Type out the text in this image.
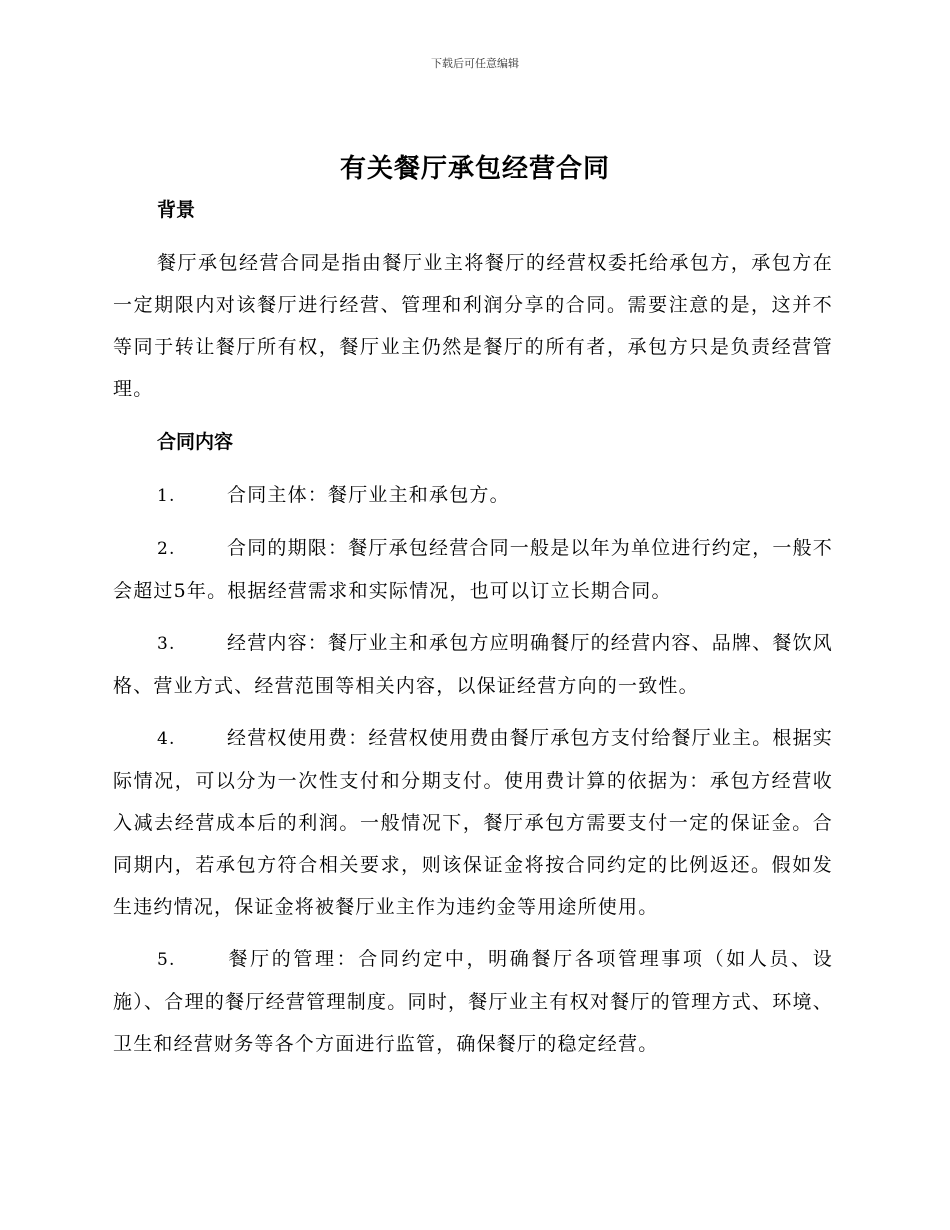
下载后可任意编辑
有关餐厅承包经营合同
背景

餐厅承包经营合同是指由餐厅业主将餐厅的经营权委托给承包方，承包方在一定期限内对该餐厅进行经营、管理和利润分享的合同。需要注意的是，这并不等同于转让餐厅所有权，餐厅业主仍然是餐厅的所有者，承包方只是负责经营管理。

合同内容
1.	合同主体：餐厅业主和承包方。
2.	合同的期限：餐厅承包经营合同一般是以年为单位进行约定，一般不会超过5年。根据经营需求和实际情况，也可以订立长期合同。
3.	经营内容：餐厅业主和承包方应明确餐厅的经营内容、品牌、餐饮风格、营业方式、经营范围等相关内容，以保证经营方向的一致性。
4.	经营权使用费：经营权使用费由餐厅承包方支付给餐厅业主。根据实际情况，可以分为一次性支付和分期支付。使用费计算的依据为：承包方经营收入减去经营成本后的利润。一般情况下，餐厅承包方需要支付一定的保证金。合同期内，若承包方符合相关要求，则该保证金将按合同约定的比例返还。假如发生违约情况，保证金将被餐厅业主作为违约金等用途所使用。
5.	餐厅的管理：合同约定中，明确餐厅各项管理事项（如人员、设施）、合理的餐厅经营管理制度。同时，餐厅业主有权对餐厅的管理方式、环境、卫生和经营财务等各个方面进行监管，确保餐厅的稳定经营。
